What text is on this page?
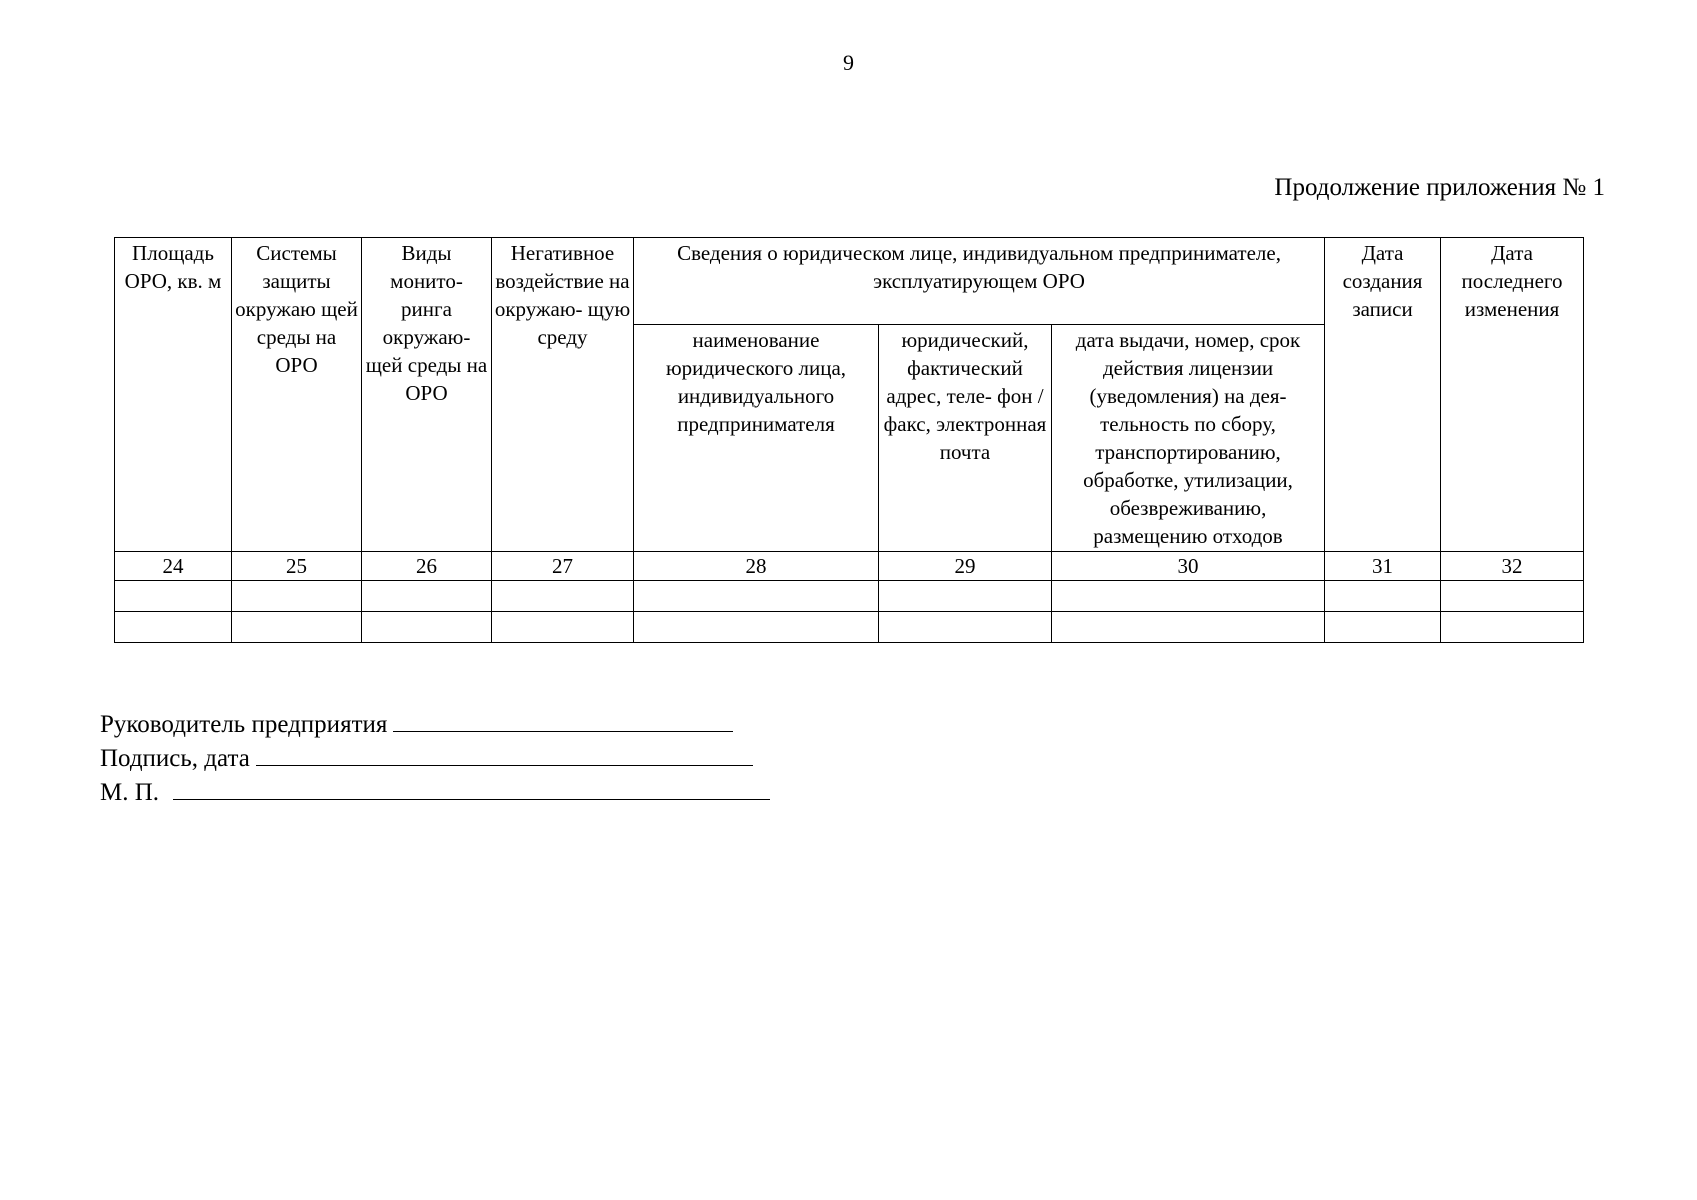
9
Продолжение приложения № 1
Площадь ОРО, кв. м	Системы защиты окружаю щей среды на ОРО	Виды монито- ринга окружаю- щей среды на ОРО	Негативное воздействие на окружаю- щую среду	Сведения о юридическом лице, индивидуальном предпринимателе, эксплуатирующем ОРО			Дата создания записи	Дата последнего изменения
				наименование юридического лица, индивидуального предпринимателя	юридический, фактический адрес, теле- фон / факс, электронная почта	дата выдачи, номер, срок действия лицензии (уведомления) на дея- тельность по сбору, транспортированию, обработке, утилизации, обезвреживанию, размещению отходов		
24	25	26	27	28	29	30	31	32

Руководитель предприятия
Подпись, дата
М. П.
